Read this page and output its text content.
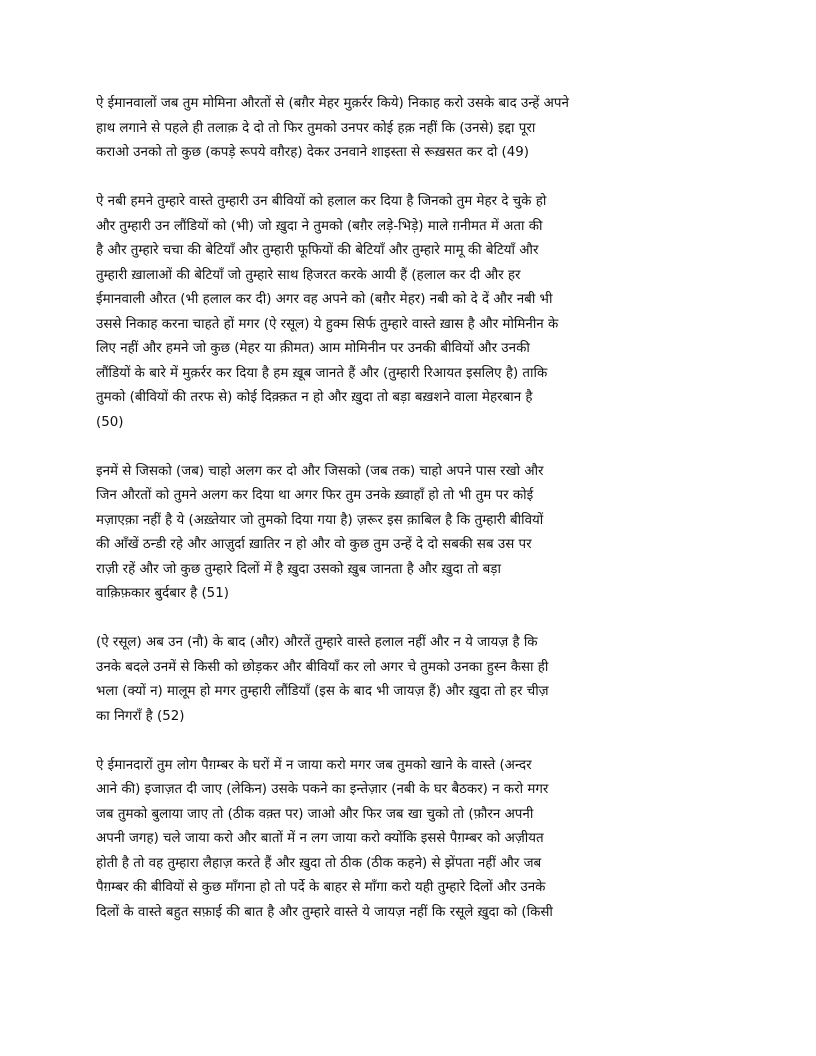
ऐ ईमानवालों जब तुम मोमिना औरतों से (बग़ैर मेहर मुक़र्रर किये) निकाह करो उसके बाद उन्हें अपने
हाथ लगाने से पहले ही तलाक़ दे दो तो फिर तुमको उनपर कोई हक़ नहीं कि (उनसे) इद्दा पूरा
कराओ उनको तो कुछ (कपड़े रूपये वग़ैरह) देकर उनवाने शाइस्ता से रूख़सत कर दो (49)

ऐ नबी हमने तुम्हारे वास्ते तुम्हारी उन बीवियों को हलाल कर दिया है जिनको तुम मेहर दे चुके हो
और तुम्हारी उन लौंडियों को (भी) जो ख़ुदा ने तुमको (बग़ैर लड़े-भिड़े) माले ग़नीमत में अता की
है और तुम्हारे चचा की बेटियाँ और तुम्हारी फूफियों की बेटियाँ और तुम्हारे मामू की बेटियाँ और
तुम्हारी ख़ालाओं की बेटियाँ जो तुम्हारे साथ हिजरत करके आयी हैं (हलाल कर दी और हर
ईमानवाली औरत (भी हलाल कर दी) अगर वह अपने को (बग़ैर मेहर) नबी को दे दें और नबी भी
उससे निकाह करना चाहते हों मगर (ऐ रसूल) ये हुक्म सिर्फ तुम्हारे वास्ते ख़ास है और मोमिनीन के
लिए नहीं और हमने जो कुछ (मेहर या क़ीमत) आम मोमिनीन पर उनकी बीवियों और उनकी
लौंडियों के बारे में मुक़र्रर कर दिया है हम ख़ूब जानते हैं और (तुम्हारी रिआयत इसलिए है) ताकि
तुमको (बीवियों की तरफ से) कोई दिक़्क़त न हो और ख़ुदा तो बड़ा बख़शने वाला मेहरबान है
(50)

इनमें से जिसको (जब) चाहो अलग कर दो और जिसको (जब तक) चाहो अपने पास रखो और
जिन औरतों को तुमने अलग कर दिया था अगर फिर तुम उनके ख़्वाहाँ हो तो भी तुम पर कोई
मज़ाएक़ा नहीं है ये (अख़्तेयार जो तुमको दिया गया है) ज़रूर इस क़ाबिल है कि तुम्हारी बीवियों
की आँखें ठन्डी रहे और आज़ुर्दा ख़ातिर न हो और वो कुछ तुम उन्हें दे दो सबकी सब उस पर
राज़ी रहें और जो कुछ तुम्हारे दिलों में है ख़ुदा उसको ख़ुब जानता है और ख़ुदा तो बड़ा
वाक़िफ़कार बुर्दबार है (51)

(ऐ रसूल) अब उन (नौ) के बाद (और) औरतें तुम्हारे वास्ते हलाल नहीं और न ये जायज़ है कि
उनके बदले उनमें से किसी को छोड़कर और बीवियाँ कर लो अगर चे तुमको उनका हुस्न कैसा ही
भला (क्यों न) मालूम हो मगर तुम्हारी लौंडियाँ (इस के बाद भी जायज़ हैं) और ख़ुदा तो हर चीज़
का निगराँ है (52)

ऐ ईमानदारों तुम लोग पैग़म्बर के घरों में न जाया करो मगर जब तुमको खाने के वास्ते (अन्दर
आने की) इजाज़त दी जाए (लेकिन) उसके पकने का इन्तेज़ार (नबी के घर बैठकर) न करो मगर
जब तुमको बुलाया जाए तो (ठीक वक़्त पर) जाओ और फिर जब खा चुको तो (फ़ौरन अपनी
अपनी जगह) चले जाया करो और बातों में न लग जाया करो क्योंकि इससे पैग़म्बर को अज़ीयत
होती है तो वह तुम्हारा लैहाज़ करते हैं और ख़ुदा तो ठीक (ठीक कहने) से झेंपता नहीं और जब
पैग़म्बर की बीवियों से कुछ माँगना हो तो पर्दे के बाहर से माँगा करो यही तुम्हारे दिलों और उनके
दिलों के वास्ते बहुत सफ़ाई की बात है और तुम्हारे वास्ते ये जायज़ नहीं कि रसूले ख़ुदा को (किसी
